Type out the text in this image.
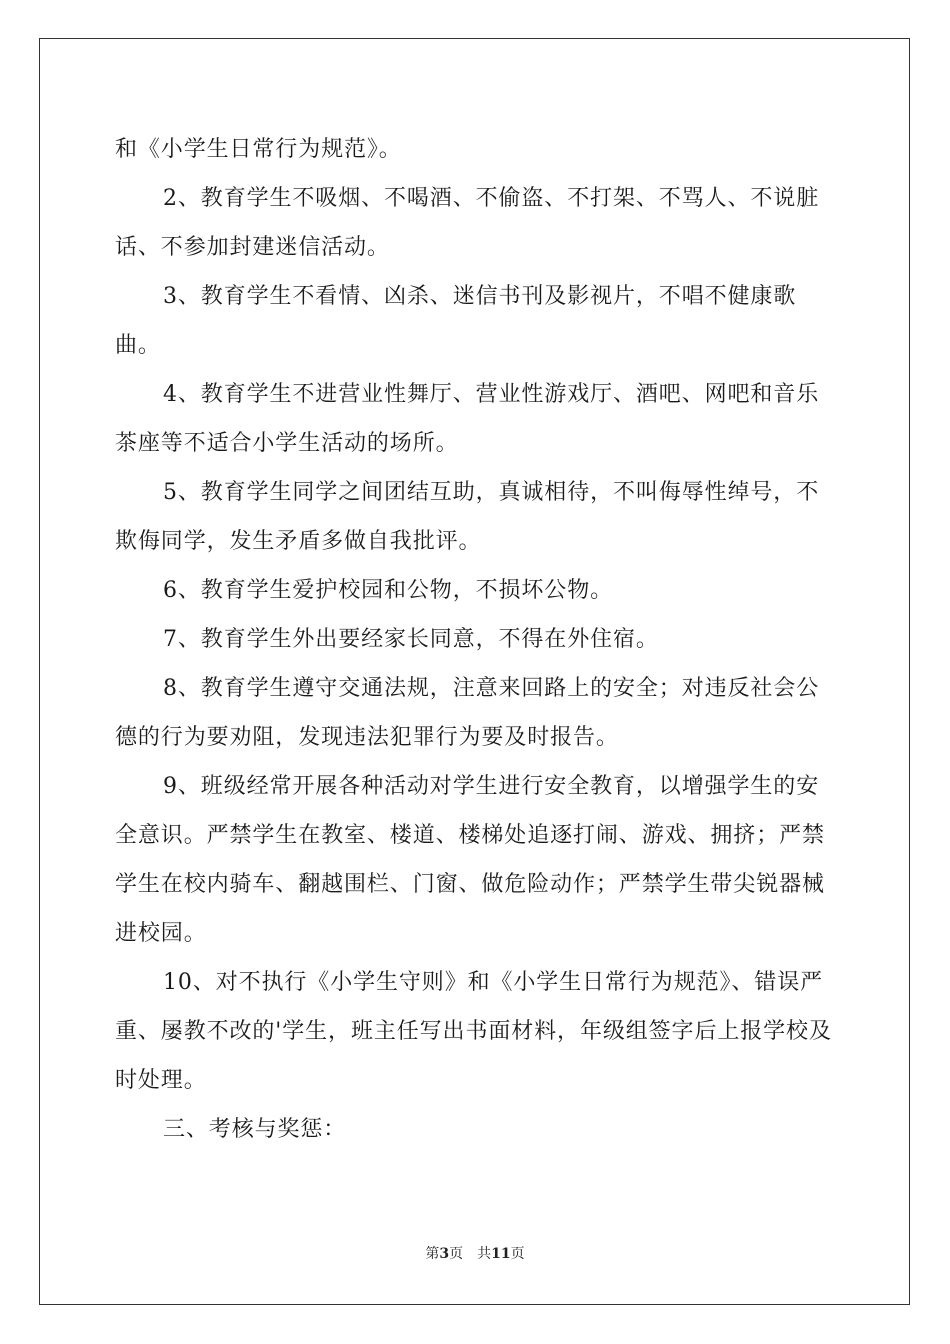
和《小学生日常行为规范》。

2、教育学生不吸烟、不喝酒、不偷盗、不打架、不骂人、不说脏话、不参加封建迷信活动。

3、教育学生不看情、凶杀、迷信书刊及影视片，不唱不健康歌曲。

4、教育学生不进营业性舞厅、营业性游戏厅、酒吧、网吧和音乐茶座等不适合小学生活动的场所。

5、教育学生同学之间团结互助，真诚相待，不叫侮辱性绰号，不欺侮同学，发生矛盾多做自我批评。

6、教育学生爱护校园和公物，不损坏公物。

7、教育学生外出要经家长同意，不得在外住宿。

8、教育学生遵守交通法规，注意来回路上的安全；对违反社会公德的行为要劝阻，发现违法犯罪行为要及时报告。

9、班级经常开展各种活动对学生进行安全教育，以增强学生的安全意识。严禁学生在教室、楼道、楼梯处追逐打闹、游戏、拥挤；严禁学生在校内骑车、翻越围栏、门窗、做危险动作；严禁学生带尖锐器械进校园。

10、对不执行《小学生守则》和《小学生日常行为规范》、错误严重、屡教不改的'学生，班主任写出书面材料，年级组签字后上报学校及时处理。

三、考核与奖惩：

第3页 共11页
